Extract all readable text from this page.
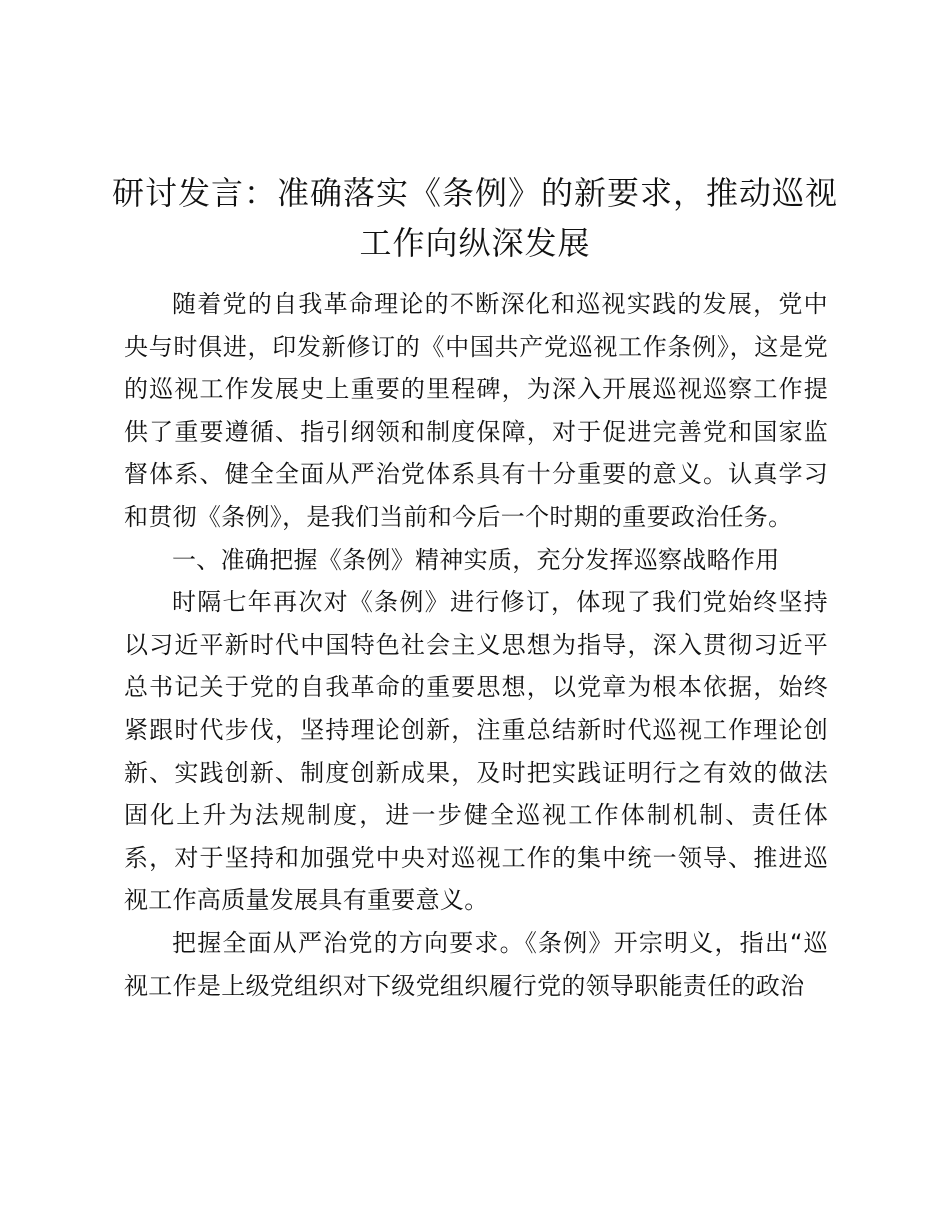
研讨发言：准确落实《条例》的新要求，推动巡视工作向纵深发展

随着党的自我革命理论的不断深化和巡视实践的发展，党中央与时俱进，印发新修订的《中国共产党巡视工作条例》，这是党的巡视工作发展史上重要的里程碑，为深入开展巡视巡察工作提供了重要遵循、指引纲领和制度保障，对于促进完善党和国家监督体系、健全全面从严治党体系具有十分重要的意义。认真学习和贯彻《条例》，是我们当前和今后一个时期的重要政治任务。

一、准确把握《条例》精神实质，充分发挥巡察战略作用

时隔七年再次对《条例》进行修订，体现了我们党始终坚持以习近平新时代中国特色社会主义思想为指导，深入贯彻习近平总书记关于党的自我革命的重要思想，以党章为根本依据，始终紧跟时代步伐，坚持理论创新，注重总结新时代巡视工作理论创新、实践创新、制度创新成果，及时把实践证明行之有效的做法固化上升为法规制度，进一步健全巡视工作体制机制、责任体系，对于坚持和加强党中央对巡视工作的集中统一领导、推进巡视工作高质量发展具有重要意义。

把握全面从严治党的方向要求。《条例》开宗明义，指出“巡视工作是上级党组织对下级党组织履行党的领导职能责任的政治
